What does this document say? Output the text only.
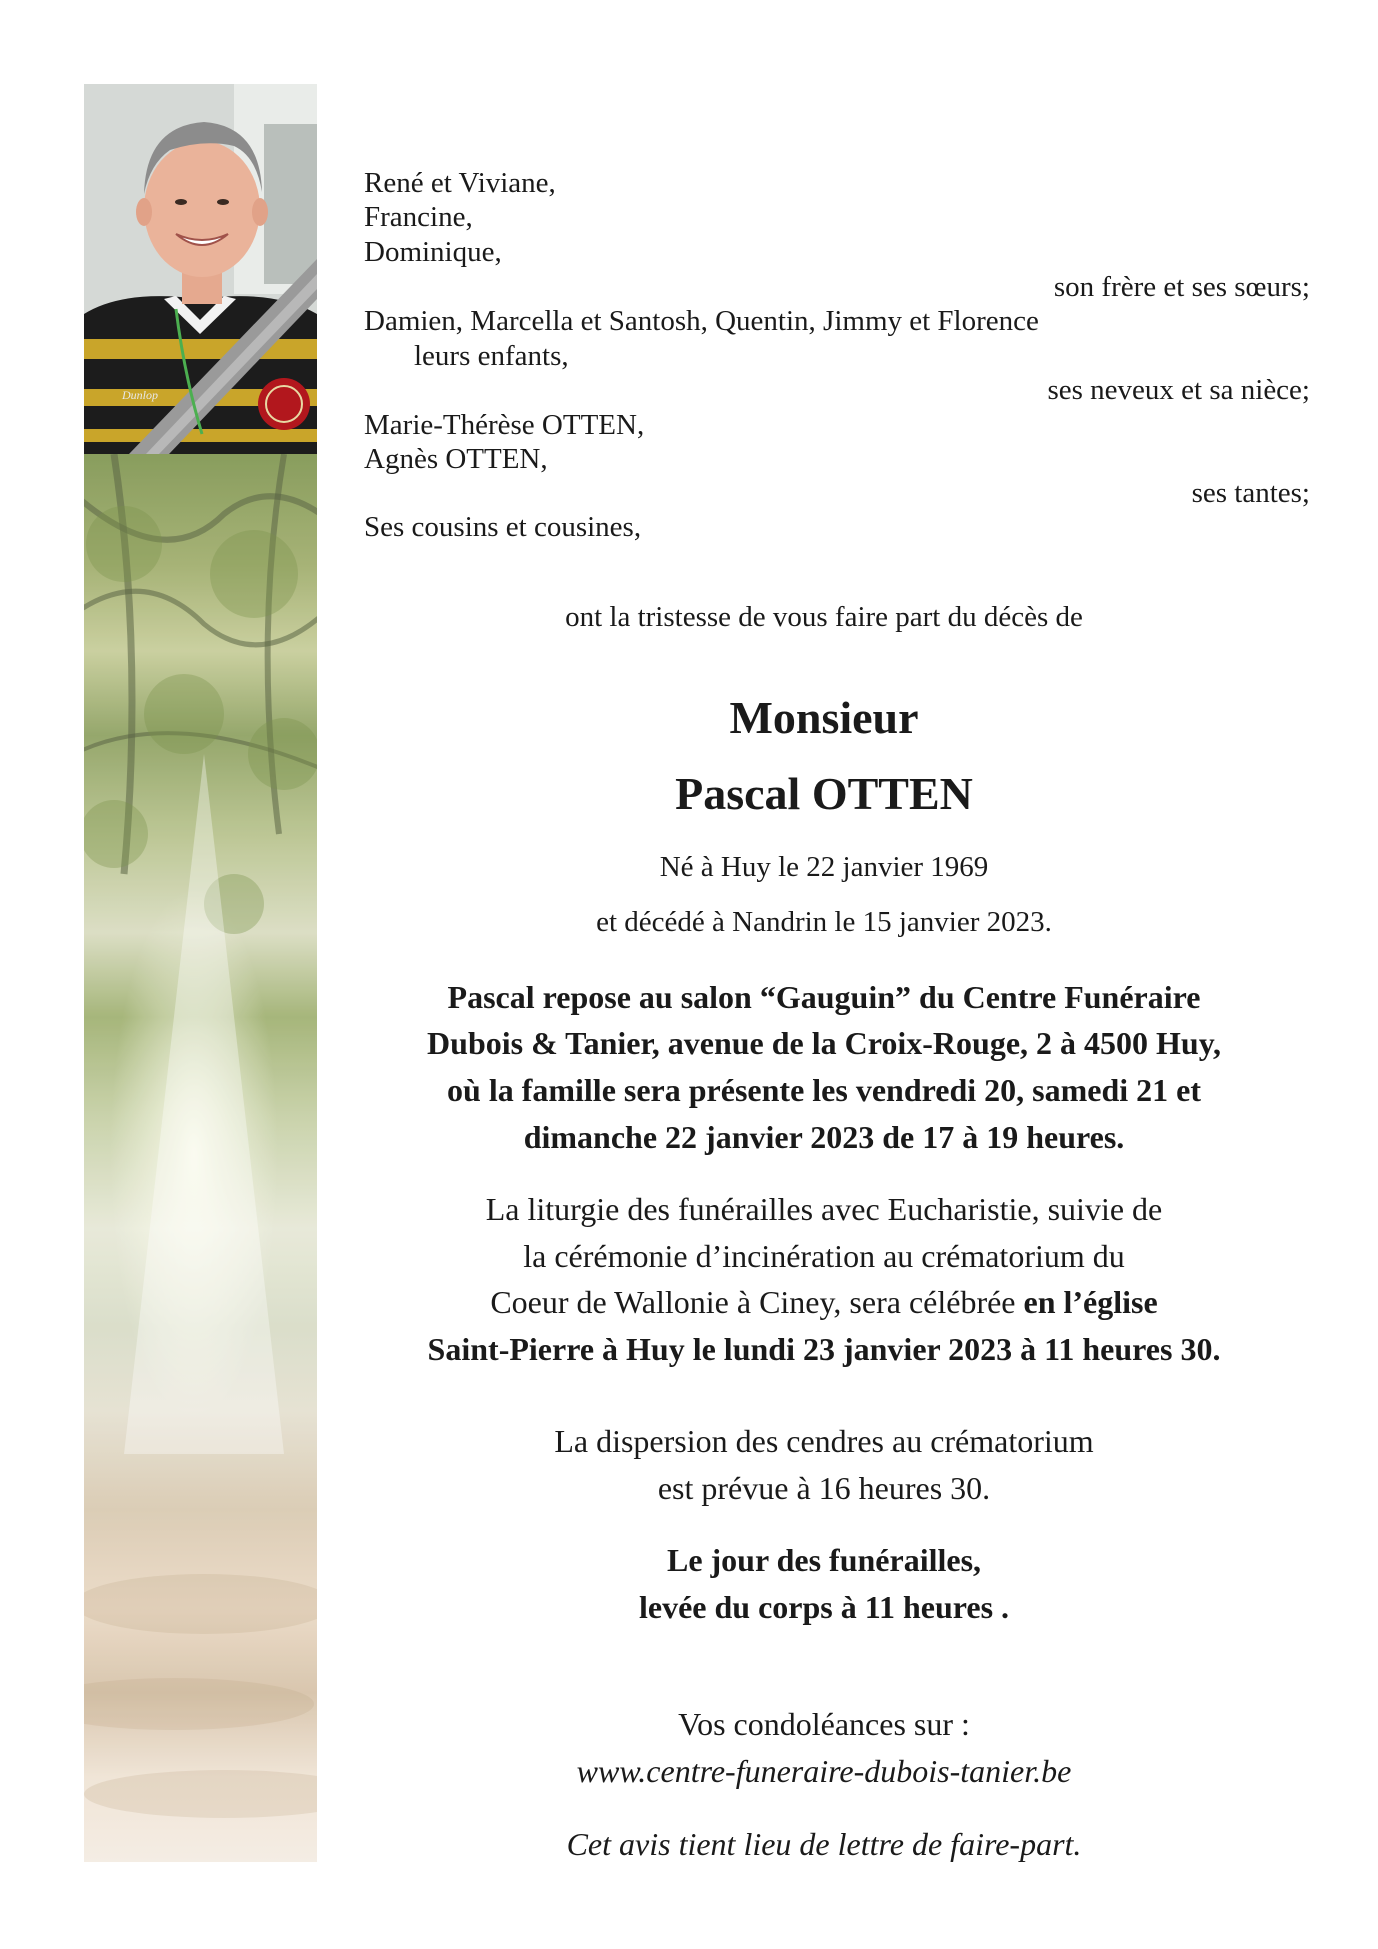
Dunlop
René et Viviane,
Francine,
Dominique,
son frère et ses sœurs;
Damien, Marcella et Santosh, Quentin, Jimmy et Florence
leurs enfants,
ses neveux et sa nièce;
Marie-Thérèse OTTEN,
Agnès OTTEN,
ses tantes;
Ses cousins et cousines,
ont la tristesse de vous faire part du décès de
Monsieur
Pascal OTTEN
Né à Huy le 22 janvier 1969
et décédé à Nandrin le 15 janvier 2023.
Pascal repose au salon “Gauguin” du Centre Funéraire
Dubois & Tanier, avenue de la Croix-Rouge, 2 à 4500 Huy,
où la famille sera présente les vendredi 20, samedi 21 et
dimanche 22 janvier 2023 de 17 à 19 heures.
La liturgie des funérailles avec Eucharistie, suivie de
la cérémonie d’incinération au crématorium du
Coeur de Wallonie à Ciney, sera célébrée en l’église
Saint-Pierre à Huy le lundi 23 janvier 2023 à 11 heures 30.
La dispersion des cendres au crématorium
est prévue à 16 heures 30.
Le jour des funérailles,
levée du corps à 11 heures .
Vos condoléances sur :
www.centre-funeraire-dubois-tanier.be
Cet avis tient lieu de lettre de faire-part.
